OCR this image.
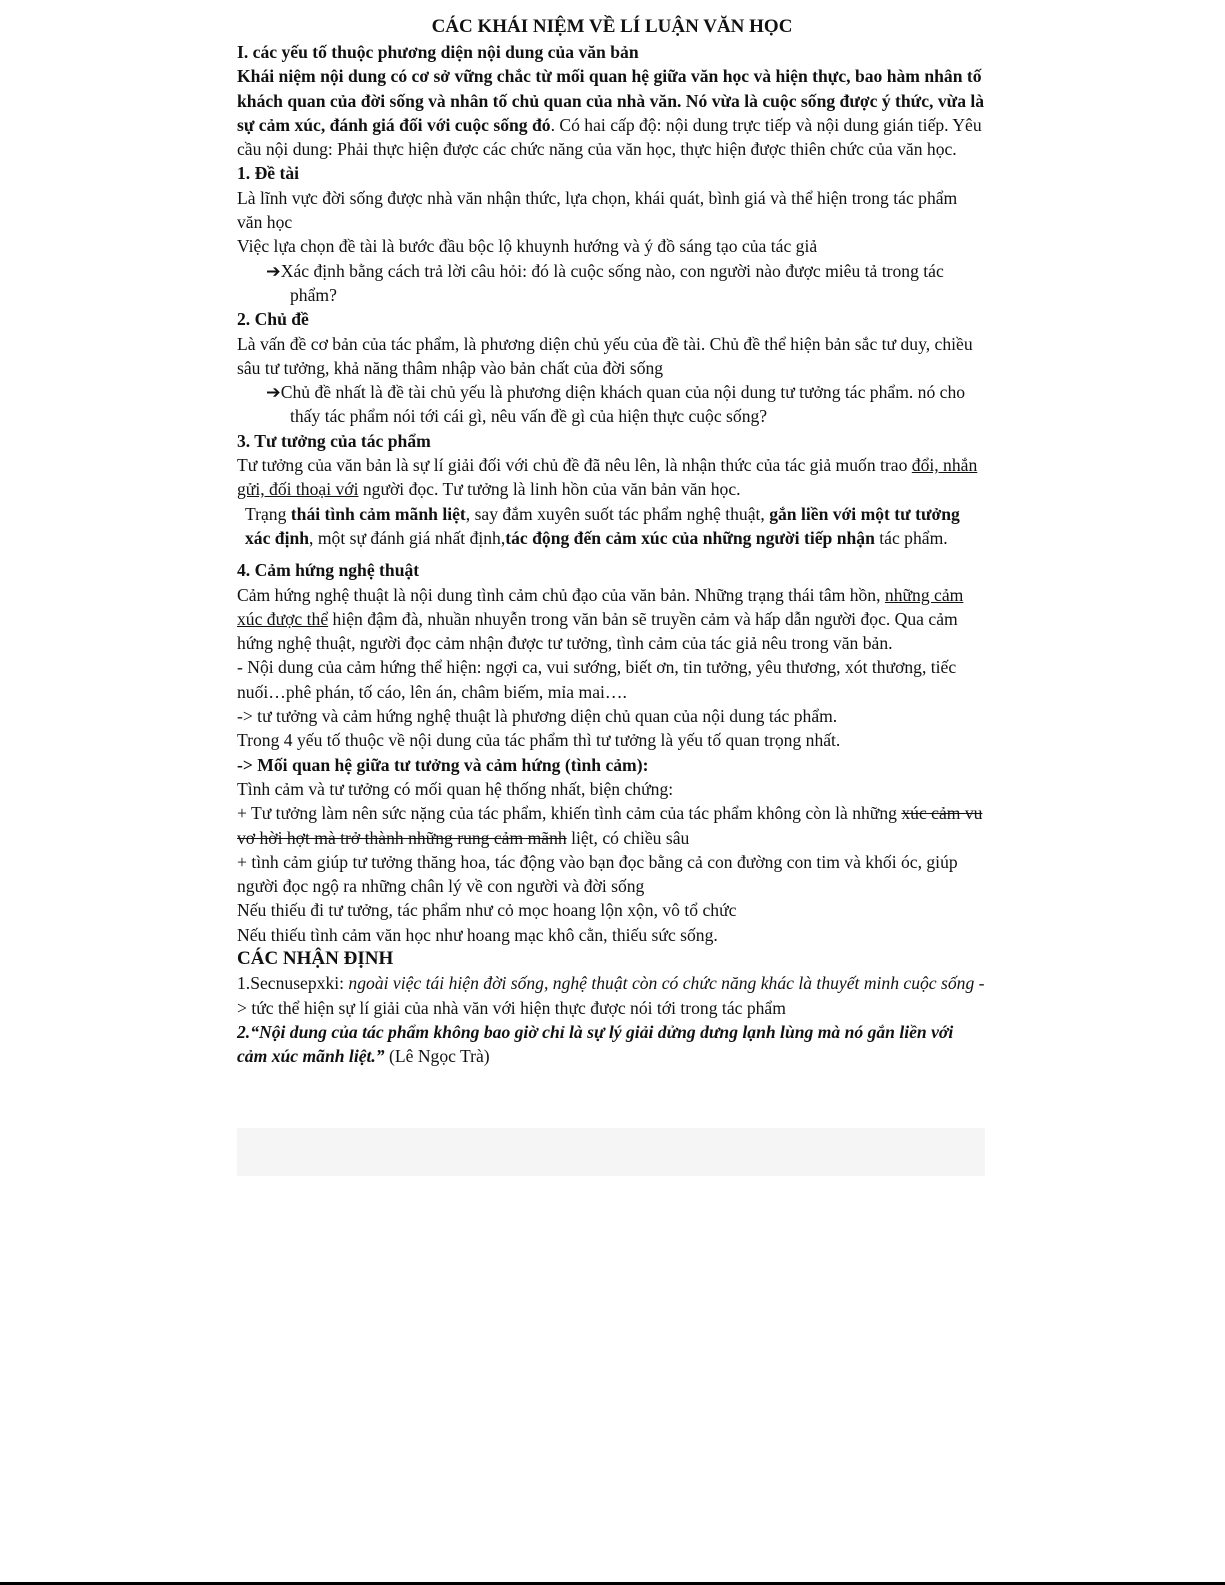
CÁC KHÁI NIỆM VỀ LÍ LUẬN VĂN HỌC
I. các yếu tố thuộc phương diện nội dung của văn bản

Khái niệm nội dung có cơ sở vững chắc từ mối quan hệ giữa văn học và hiện thực, bao hàm nhân tố khách quan của đời sống và nhân tố chủ quan của nhà văn. Nó vừa là cuộc sống được ý thức, vừa là sự cảm xúc, đánh giá đối với cuộc sống đó. Có hai cấp độ: nội dung trực tiếp và nội dung gián tiếp. Yêu cầu nội dung: Phải thực hiện được các chức năng của văn học, thực hiện được thiên chức của văn học.

1. Đề tài

Là lĩnh vực đời sống được nhà văn nhận thức, lựa chọn, khái quát, bình giá và thể hiện trong tác phẩm văn học

Việc lựa chọn đề tài là bước đầu bộc lộ khuynh hướng và ý đồ sáng tạo của tác giả

➔Xác định bằng cách trả lời câu hỏi: đó là cuộc sống nào, con người nào được miêu tả trong tác phẩm?

2. Chủ đề

Là vấn đề cơ bản của tác phẩm, là phương diện chủ yếu của đề tài. Chủ đề thể hiện bản sắc tư duy, chiều sâu tư tưởng, khả năng thâm nhập vào bản chất của đời sống

➔Chủ đề nhất là đề tài chủ yếu là phương diện khách quan của nội dung tư tưởng tác phẩm. nó cho thấy tác phẩm nói tới cái gì, nêu vấn đề gì của hiện thực cuộc sống?

3. Tư tưởng của tác phẩm

Tư tưởng của văn bản là sự lí giải đối với chủ đề đã nêu lên, là nhận thức của tác giả muốn trao đổi, nhắn gửi, đối thoại với người đọc. Tư tưởng là linh hồn của văn bản văn học.

Trạng thái tình cảm mãnh liệt, say đắm xuyên suốt tác phẩm nghệ thuật, gắn liền với một tư tưởng xác định, một sự đánh giá nhất định,tác động đến cảm xúc của những người tiếp nhận tác phẩm.

4. Cảm hứng nghệ thuật

Cảm hứng nghệ thuật là nội dung tình cảm chủ đạo của văn bản. Những trạng thái tâm hồn, những cảm xúc được thể hiện đậm đà, nhuần nhuyễn trong văn bản sẽ truyền cảm và hấp dẫn người đọc. Qua cảm hứng nghệ thuật, người đọc cảm nhận được tư tưởng, tình cảm của tác giả nêu trong văn bản.

- Nội dung của cảm hứng thể hiện: ngợi ca, vui sướng, biết ơn, tin tưởng, yêu thương, xót thương, tiếc nuối…phê phán, tố cáo, lên án, châm biếm, mỉa mai….

-> tư tưởng và cảm hứng nghệ thuật là phương diện chủ quan của nội dung tác phẩm.

Trong 4 yếu tố thuộc về nội dung của tác phẩm thì tư tưởng là yếu tố quan trọng nhất.

-> Mối quan hệ giữa tư tưởng và cảm hứng (tình cảm):

Tình cảm và tư tưởng có mối quan hệ thống nhất, biện chứng:

+ Tư tưởng làm nên sức nặng của tác phẩm, khiến tình cảm của tác phẩm không còn là những xúc cảm vu vơ hời hợt mà trở thành những rung cảm mãnh liệt, có chiều sâu

+ tình cảm giúp tư tưởng thăng hoa, tác động vào bạn đọc bằng cả con đường con tim và khối óc, giúp người đọc ngộ ra những chân lý về con người và đời sống

Nếu thiếu đi tư tưởng, tác phẩm như cỏ mọc hoang lộn xộn, vô tổ chức

Nếu thiếu tình cảm văn học như hoang mạc khô cằn, thiếu sức sống.

CÁC NHẬN ĐỊNH

1.Secnusepxki: ngoài việc tái hiện đời sống, nghệ thuật còn có chức năng khác là thuyết minh cuộc sống -> tức thể hiện sự lí giải của nhà văn với hiện thực được nói tới trong tác phẩm

2.“Nội dung của tác phẩm không bao giờ chỉ là sự lý giải dửng dưng lạnh lùng mà nó gắn liền với cảm xúc mãnh liệt.” (Lê Ngọc Trà)
